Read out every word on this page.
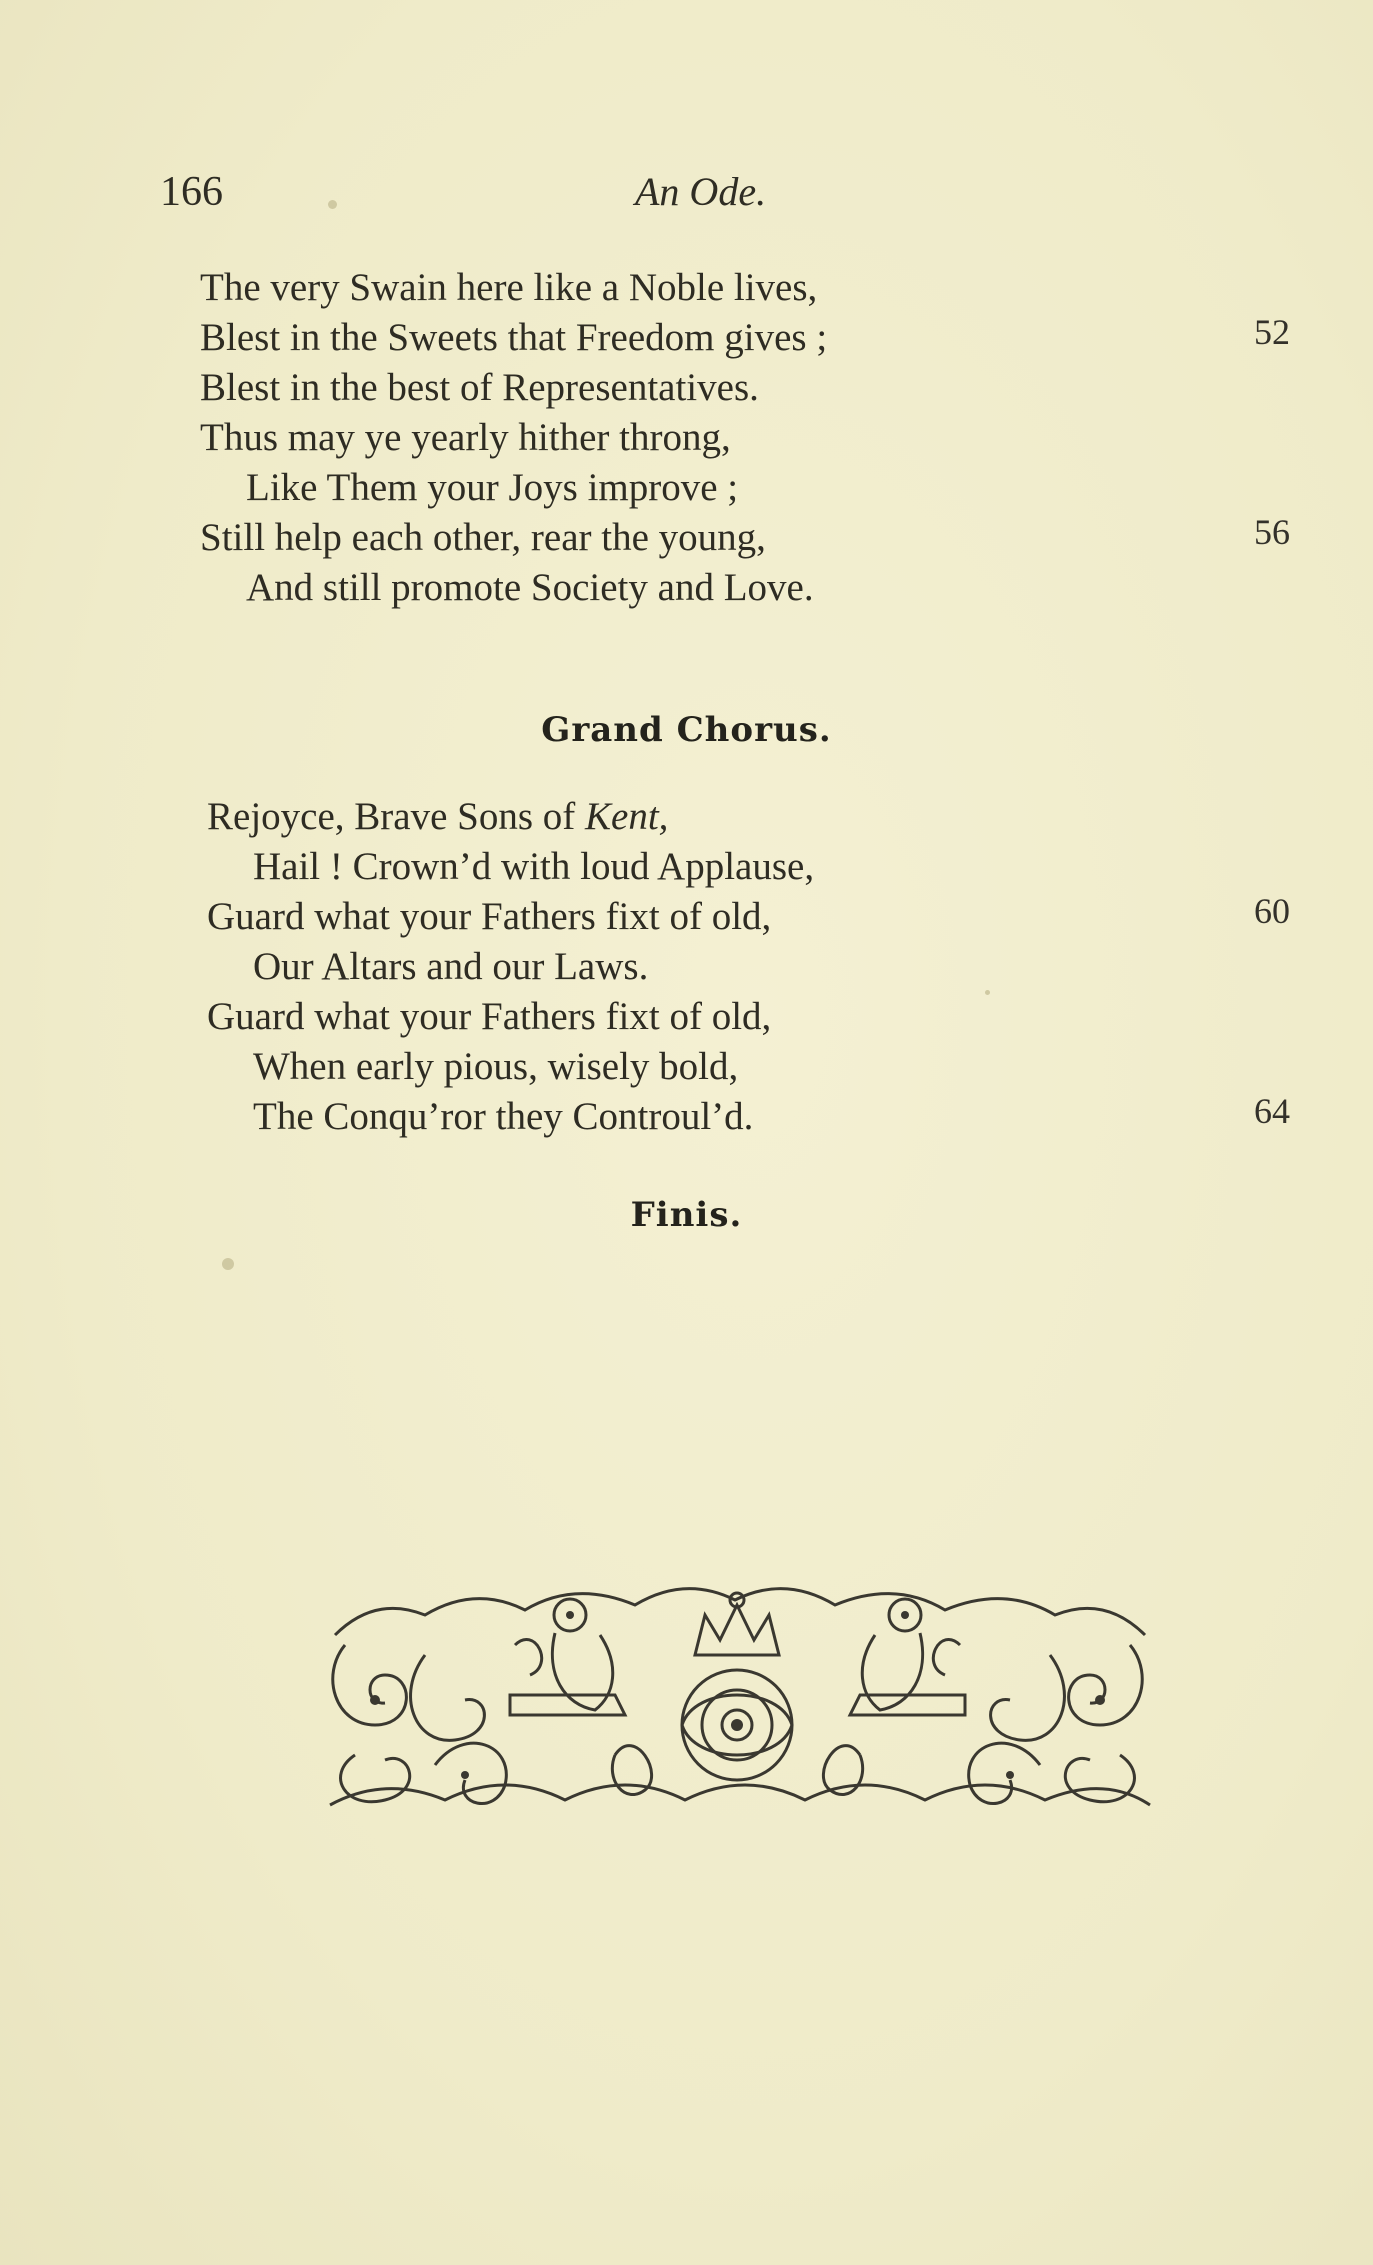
166	An Ode.
The very Swain here like a Noble lives,
Blest in the Sweets that Freedom gives ;	52
Blest in the best of Representatives.
Thus may ye yearly hither throng,
Like Them your Joys improve ;
Still help each other, rear the young,	56
And still promote Society and Love.
Grand Chorus.
Rejoyce, Brave Sons of Kent,
Hail ! Crown’d with loud Applause,
Guard what your Fathers fixt of old,	60
Our Altars and our Laws.
Guard what your Fathers fixt of old,
When early pious, wisely bold,
The Conqu’ror they Controul’d.	64
Finis.
